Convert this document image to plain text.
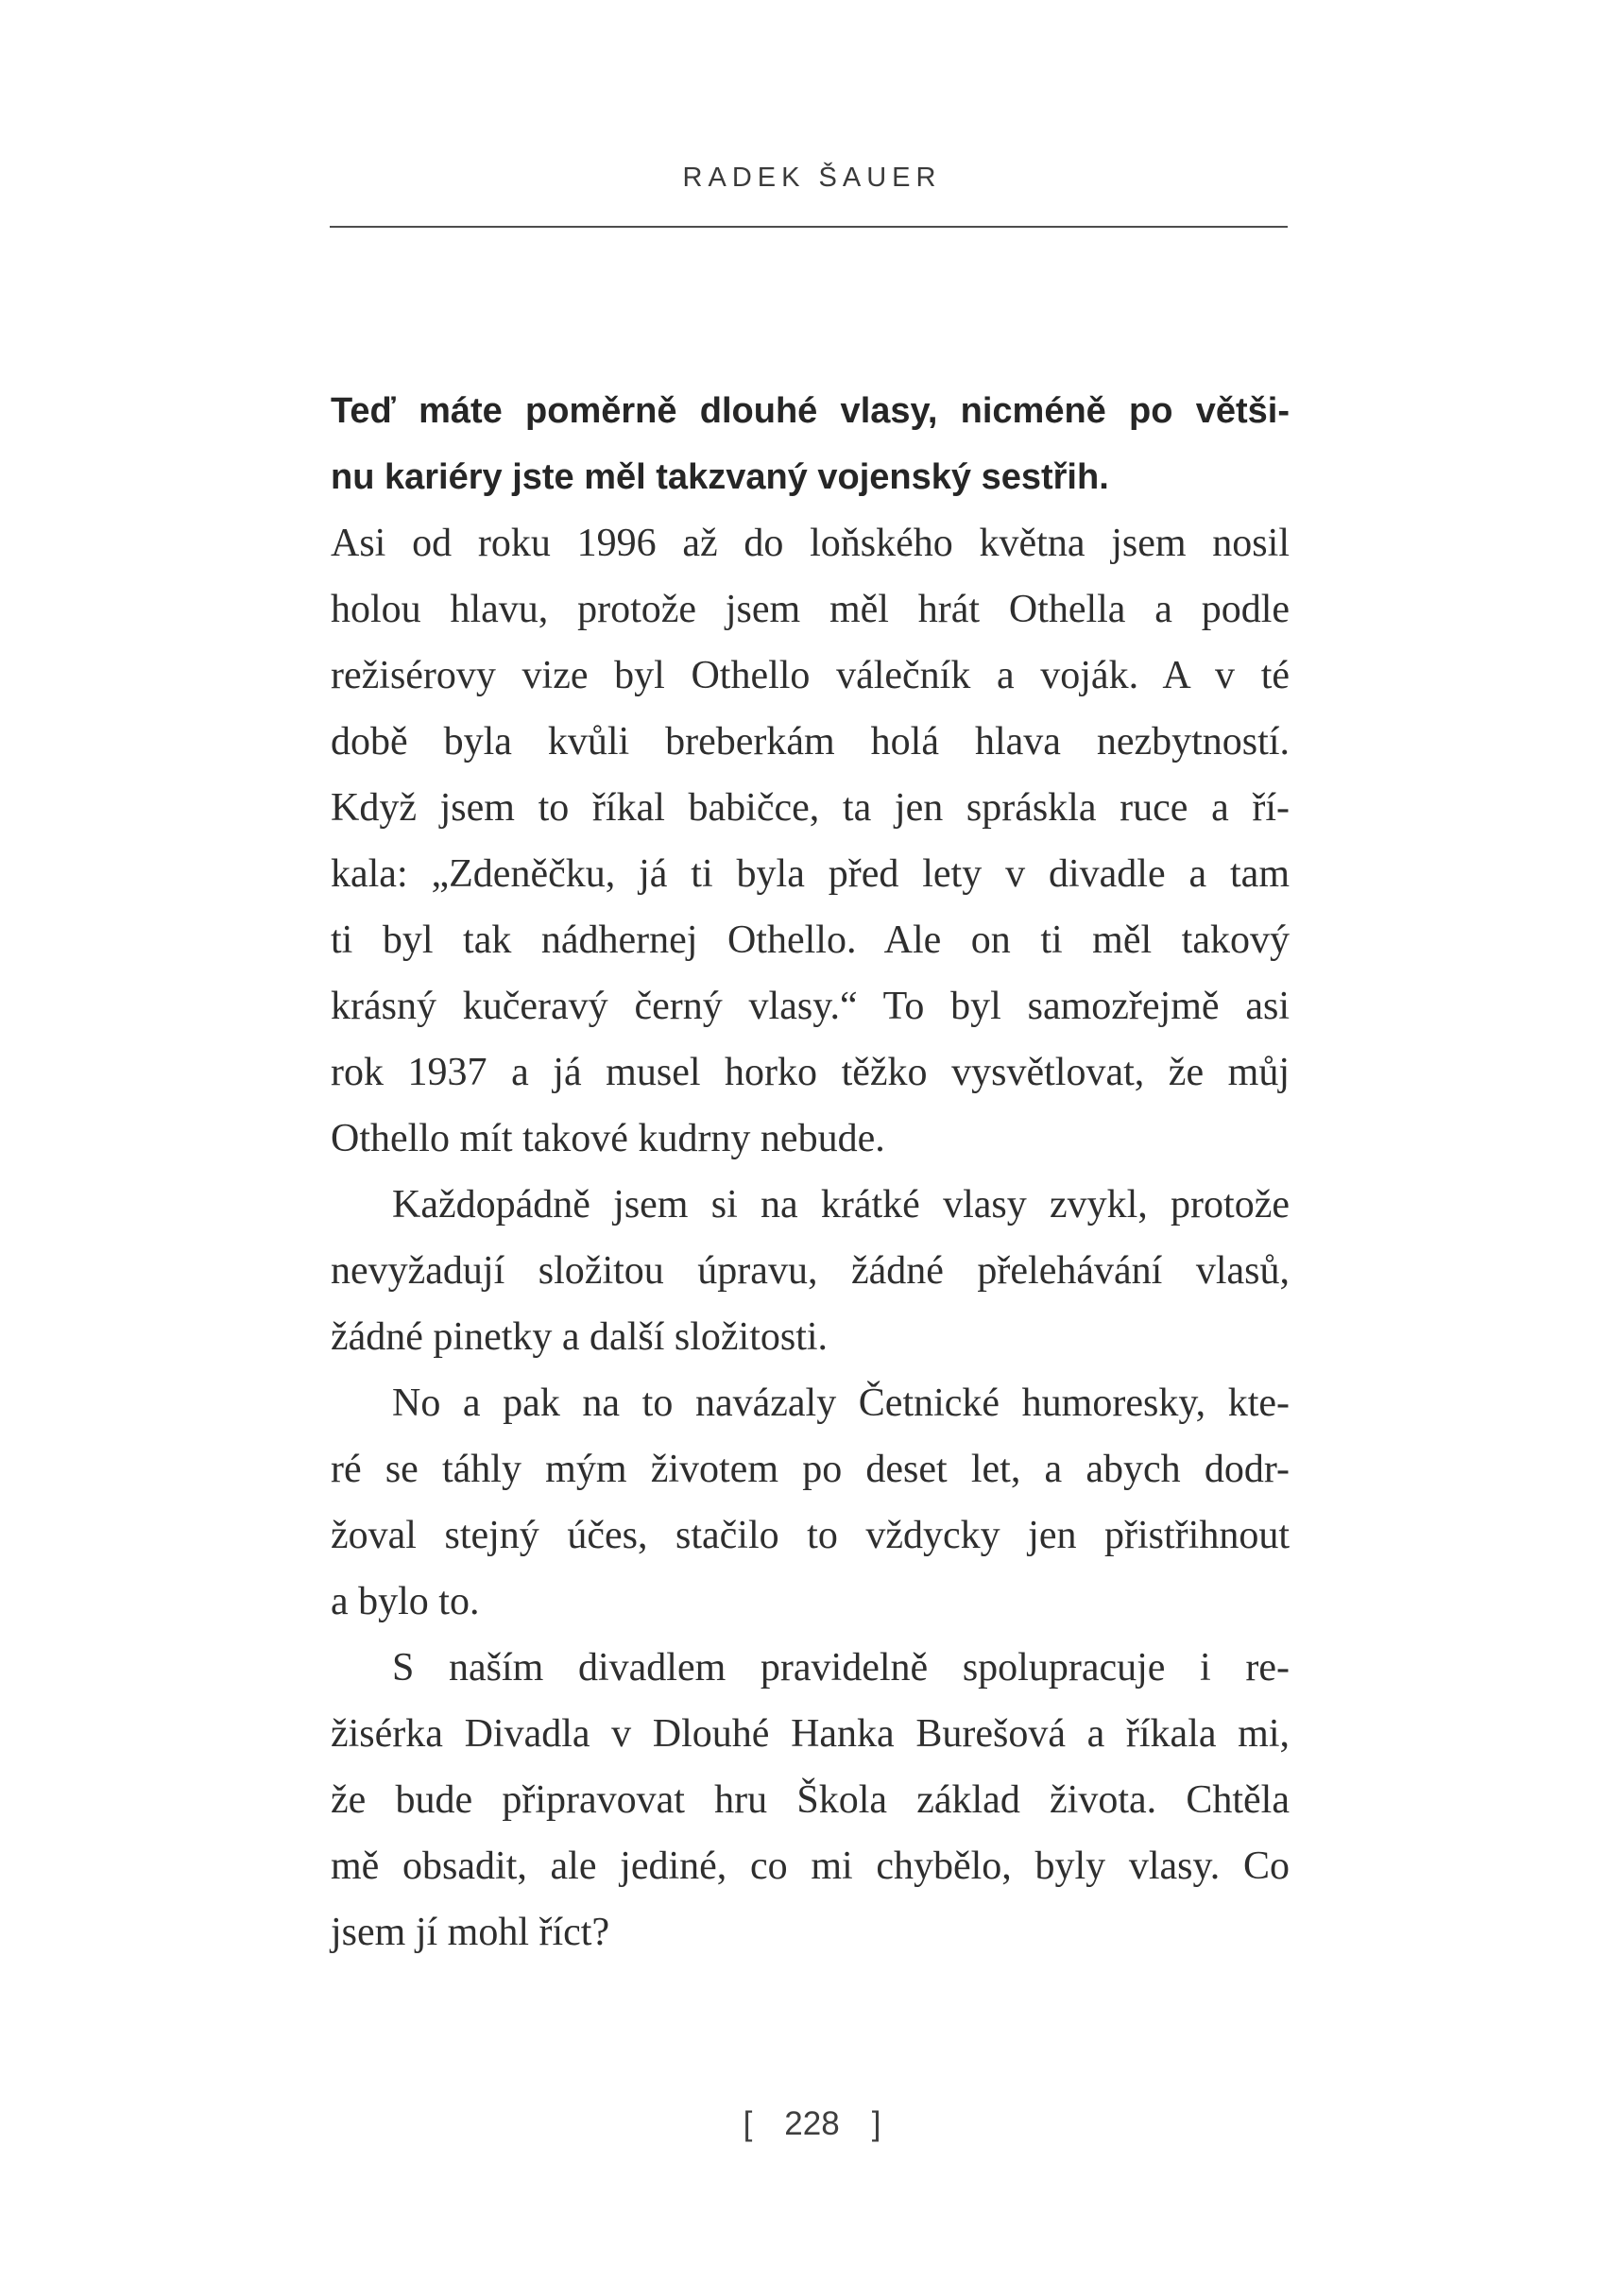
RADEK ŠAUER
Teď máte poměrně dlouhé vlasy, nicméně po větši-
nu kariéry jste měl takzvaný vojenský sestřih.
Asi od roku 1996 až do loňského května jsem nosil
holou hlavu, protože jsem měl hrát Othella a podle
režisérovy vize byl Othello válečník a voják. A v té
době byla kvůli breberkám holá hlava nezbytností.
Když jsem to říkal babičce, ta jen spráskla ruce a ří-
kala: „Zdeněčku, já ti byla před lety v divadle a tam
ti byl tak nádhernej Othello. Ale on ti měl takový
krásný kučeravý černý vlasy.“ To byl samozřejmě asi
rok 1937 a já musel horko těžko vysvětlovat, že můj
Othello mít takové kudrny nebude.
Každopádně jsem si na krátké vlasy zvykl, protože
nevyžadují složitou úpravu, žádné přelehávání vlasů,
žádné pinetky a další složitosti.
No a pak na to navázaly Četnické humoresky, kte-
ré se táhly mým životem po deset let, a abych dodr-
žoval stejný účes, stačilo to vždycky jen přistřihnout
a bylo to.
S naším divadlem pravidelně spolupracuje i re-
žisérka Divadla v Dlouhé Hanka Burešová a říkala mi,
že bude připravovat hru Škola základ života. Chtěla
mě obsadit, ale jediné, co mi chybělo, byly vlasy. Co
jsem jí mohl říct?
[ 228 ]
